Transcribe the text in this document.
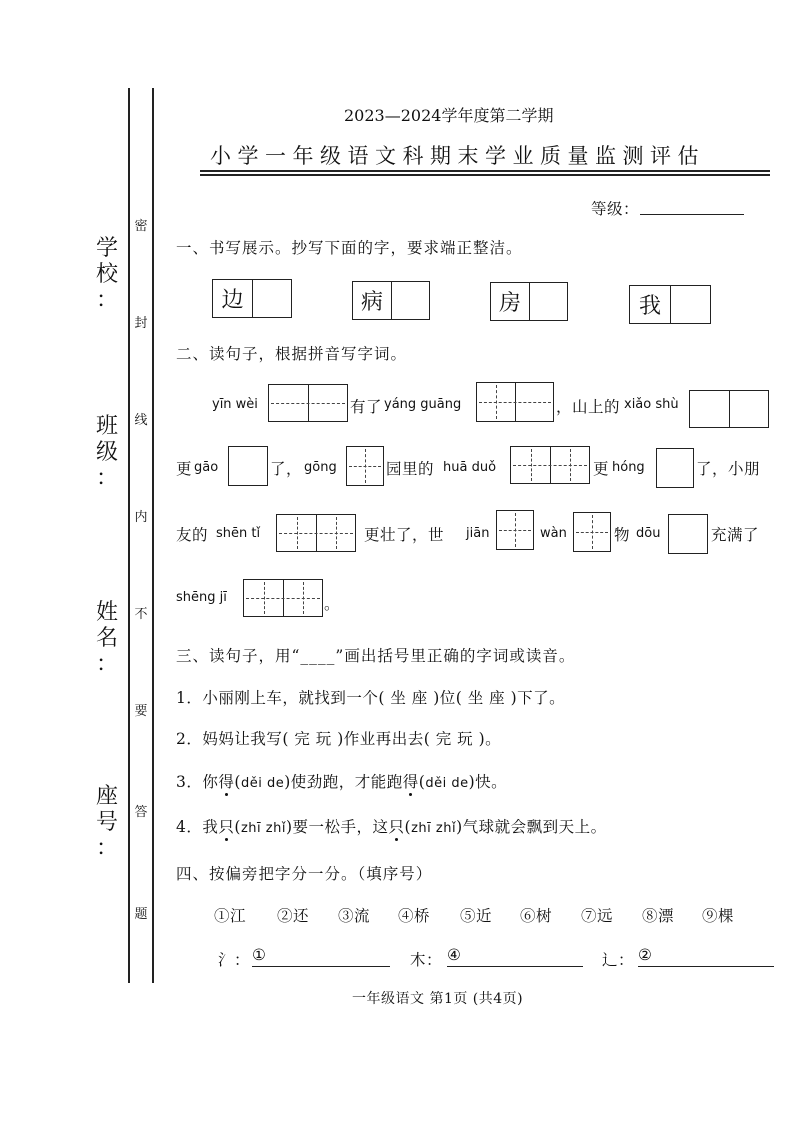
学
校
：
班
级
：
姓
名
：
座
号
：
密
封
线
内
不
要
答
题
2023—2024学年度第二学期
小学一年级语文科期末学业质量监测评估
等级：
一、书写展示。抄写下面的字，要求端正整洁。
边	病	房	我
二、读句子，根据拼音写字词。
yīn wèi	有了 yáng guāng	，山上的 xiǎo shù
更 gāo	了， gōng	园里的 huā duǒ	更 hóng	了，小朋
友的 shēn tǐ	更壮了，世 jiān	wàn	物 dōu	充满了
shēng jī	。
三、读句子，用“____”画出括号里正确的字词或读音。
1．小丽刚上车，就找到一个( 坐 座 )位( 坐 座 )下了。
2．妈妈让我写( 完 玩 )作业再出去( 完 玩 )。
3．你得(děi de)使劲跑，才能跑得(děi de)快。
4．我只(zhī zhǐ)要一松手，这只(zhī zhǐ)气球就会飘到天上。
四、按偏旁把字分一分。（填序号）
①江 ②还 ③流 ④桥 ⑤近 ⑥树 ⑦远 ⑧漂 ⑨棵
氵： ①	木： ④	辶： ②
一年级语文 第1页 (共4页)
